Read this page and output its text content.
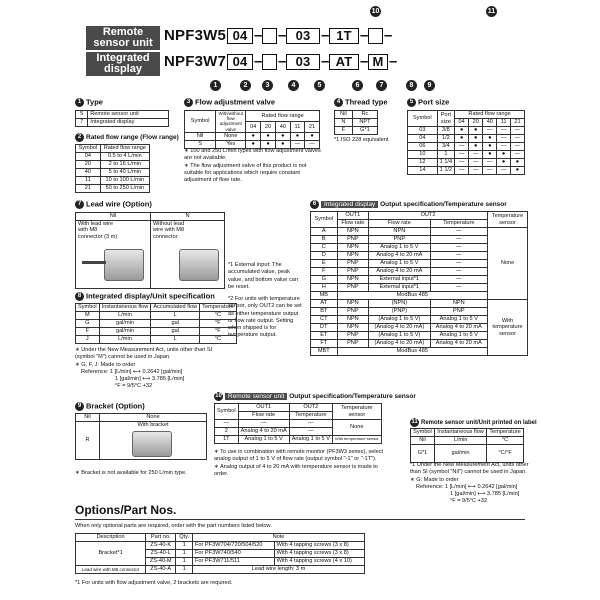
Remote sensor unit
Integrated display
10	11
NPF3W5 04 – – 03 – 1T – –
NPF3W7 04 – – 03 – AT – M –
1	2	3	4	5	6	7	8	9
1 Type
5	Remote sensor unit
7	Integrated display
2 Rated flow range (Flow range)
Symbol	Rated flow range
04	0.5 to 4 L/min
20	2 to 16 L/min
40	5 to 40 L/min
11	10 to 100 L/min
21	50 to 250 L/min
3 Flow adjustment valve
Symbol	With/without flow adjustment valve	Rated flow range				
		04	20	40	11	21
Nil	None	●	●	●	●	●
S	Yes	●	●	●	—	—
∗ 100 and 250 L/min types with flow adjustment valves are not available.
∗ The flow adjustment valve of this product is not suitable for applications which require constant adjustment of flow rate.
4 Thread type
Nil	Rc
N	NPT
F	G*1
*1 ISO 228 equivalent
5 Port size
Symbol	Port size	Rated flow range				
		04	20	40	11	21
03	3/8	●	●	—	—	—
04	1/2	●	●	●	—	—
06	3/4	—	●	●	—	—
10	1	—	—	●	●	—
12	1 1/4	—	—	—	●	●
14	1 1/2	—	—	—	—	●
7 Lead wire (Option)
Nil	N

With lead wire with M8 connector (3 m)	Without lead wire with M8 connector
*1 External input: The accumulated value, peak value, and bottom value can be reset.
*2 For units with temperature sensor, only OUT2 can be set as either temperature output or flow rate output. Setting when shipped is for temperature output.
8 Integrated display/Unit specification
Symbol	Instantaneous flow	Accumulated flow	Temperature
M	L/min	L	°C
G	gal/min	gal	°F
F	gal/min	gal	°F
J	L/min	L	°C
∗ Under the New Measurement Act, units other than SI (symbol "M") cannot be used in Japan.
∗ G, F, J: Made to order
Reference: 1 [L/min] ⟷ 0.2642 [gal/min]
1 [gal/min] ⟷ 3.785 [L/min]
°F = 9/5°C +32
6 Integrated display Output specification/Temperature sensor
Symbol	OUT1	OUT2		Temperature sensor
	Flow rate	Flow rate	Temperature	
A	NPN	NPN	—	None
B	PNP	PNP	—	
C	NPN	Analog 1 to 5 V	—	
D	NPN	Analog 4 to 20 mA	—	
E	PNP	Analog 1 to 5 V	—	
F	PNP	Analog 4 to 20 mA	—	
G	NPN	External input*1	—	
H	PNP	External input*1	—	
MB	ModBus 485			
AT	NPN	(NPN)	NPN	With temperature sensor
BT	PNP	(PNP)	PNP	
CT	NPN	(Analog 1 to 5 V)	Analog 1 to 5 V	
DT	NPN	(Analog 4 to 20 mA)	Analog 4 to 20 mA	
ET	PNP	(Analog 1 to 5 V)	Analog 1 to 5 V	
FT	PNP	(Analog 4 to 20 mA)	Analog 4 to 20 mA	
MBT	ModBus 485			
9 Bracket (Option)
Nil	None
R	With bracket
∗ Bracket is not available for 250 L/min type.
10 Remote sensor unit Output specification/Temperature sensor
Symbol	OUT1	OUT2	Temperature sensor
	Flow rate	Temperature	
—	—	—	None
2	Analog 4 to 20 mA	—	
1T	Analog 1 to 5 V	Analog 1 to 5 V	With temperature sensor
∗ To use in combination with remote monitor (PF3W3 series), select analog output of 1 to 5 V of flow rate (output symbol "-1" or "-1T").
∗ Analog output of 4 to 20 mA with temperature sensor is made to order.
11 Remote sensor unit/Unit printed on label
Symbol	Instantaneous flow	Temperature
Nil	L/min	°C
G*1	gal/min	°C/°F
*1 Under the New Measurement Act, units other than SI (symbol "Nil") cannot be used in Japan.
∗ G: Made to order
Reference: 1 [L/min] ⟷ 0.2642 [gal/min]
1 [gal/min] ⟷ 3.785 [L/min]
°F = 9/5°C +32
Options/Part Nos.
When only optional parts are required, order with the part numbers listed below.
Description	Part no.	Qty.	Note	
Bracket*1	ZS-40-K	1	For PF3W704/720/504/520	With 4 tapping screws (3 x 8)
	ZS-40-L	1	For PF3W740/540	With 4 tapping screws (3 x 8)
	ZS-40-M	1	For PF3W711/511	With 4 tapping screws (4 x 10)
Lead wire with M8 connector	ZS-40-A	1	Lead wire length: 3 m	
*1 For units with flow adjustment valve, 2 brackets are required.
